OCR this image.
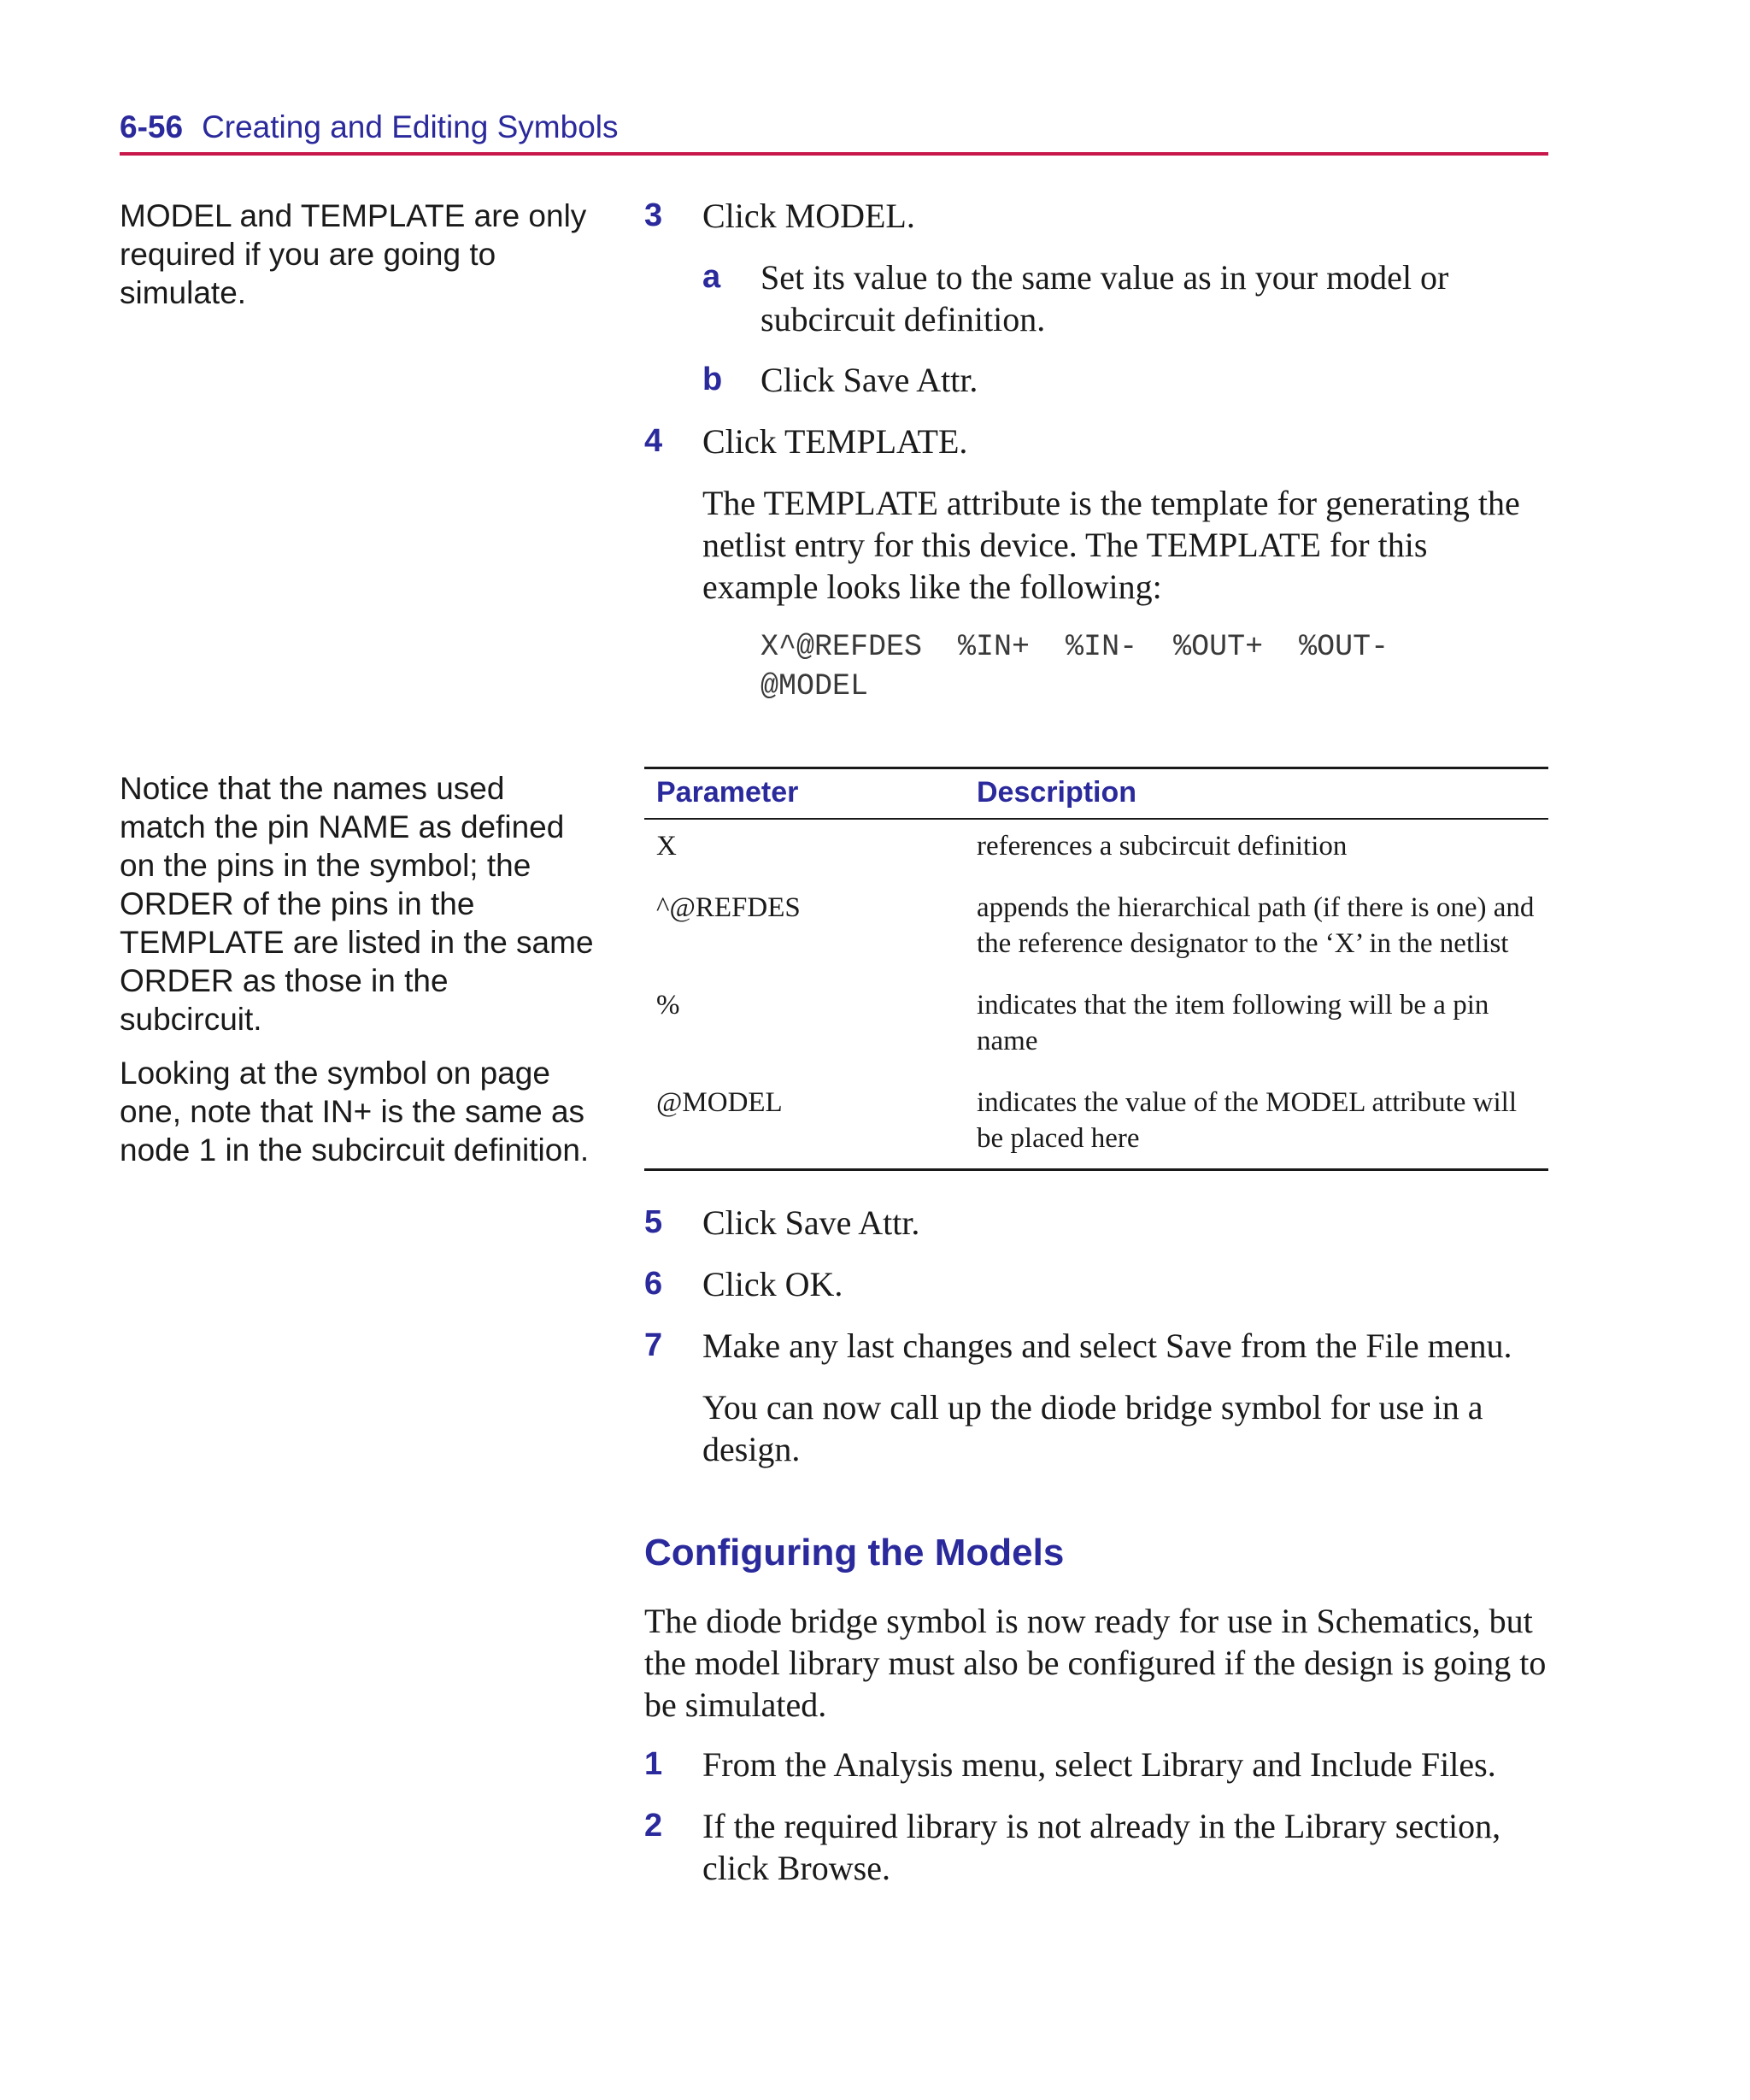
6-56 Creating and Editing Symbols

MODEL and TEMPLATE are only required if you are going to simulate.

Notice that the names used match the pin NAME as defined on the pins in the symbol; the ORDER of the pins in the TEMPLATE are listed in the same ORDER as those in the subcircuit.

Looking at the symbol on page one, note that IN+ is the same as node 1 in the subcircuit definition.

3	Click MODEL.
a Set its value to the same value as in your model or subcircuit definition.
b Click Save Attr.
4	Click TEMPLATE.
The TEMPLATE attribute is the template for generating the netlist entry for this device. The TEMPLATE for this example looks like the following:
X^@REFDES  %IN+  %IN-  %OUT+  %OUT-
@MODEL
Parameter	Description
X	references a subcircuit definition
^@REFDES	appends the hierarchical path (if there is one) and the reference designator to the ‘X’ in the netlist
%	indicates that the item following will be a pin name
@MODEL	indicates the value of the MODEL attribute will be placed here
5	Click Save Attr.
6	Click OK.
7	Make any last changes and select Save from the File menu.
You can now call up the diode bridge symbol for use in a design.
Configuring the Models
The diode bridge symbol is now ready for use in Schematics, but the model library must also be configured if the design is going to be simulated.
1	From the Analysis menu, select Library and Include Files.
2	If the required library is not already in the Library section, click Browse.
